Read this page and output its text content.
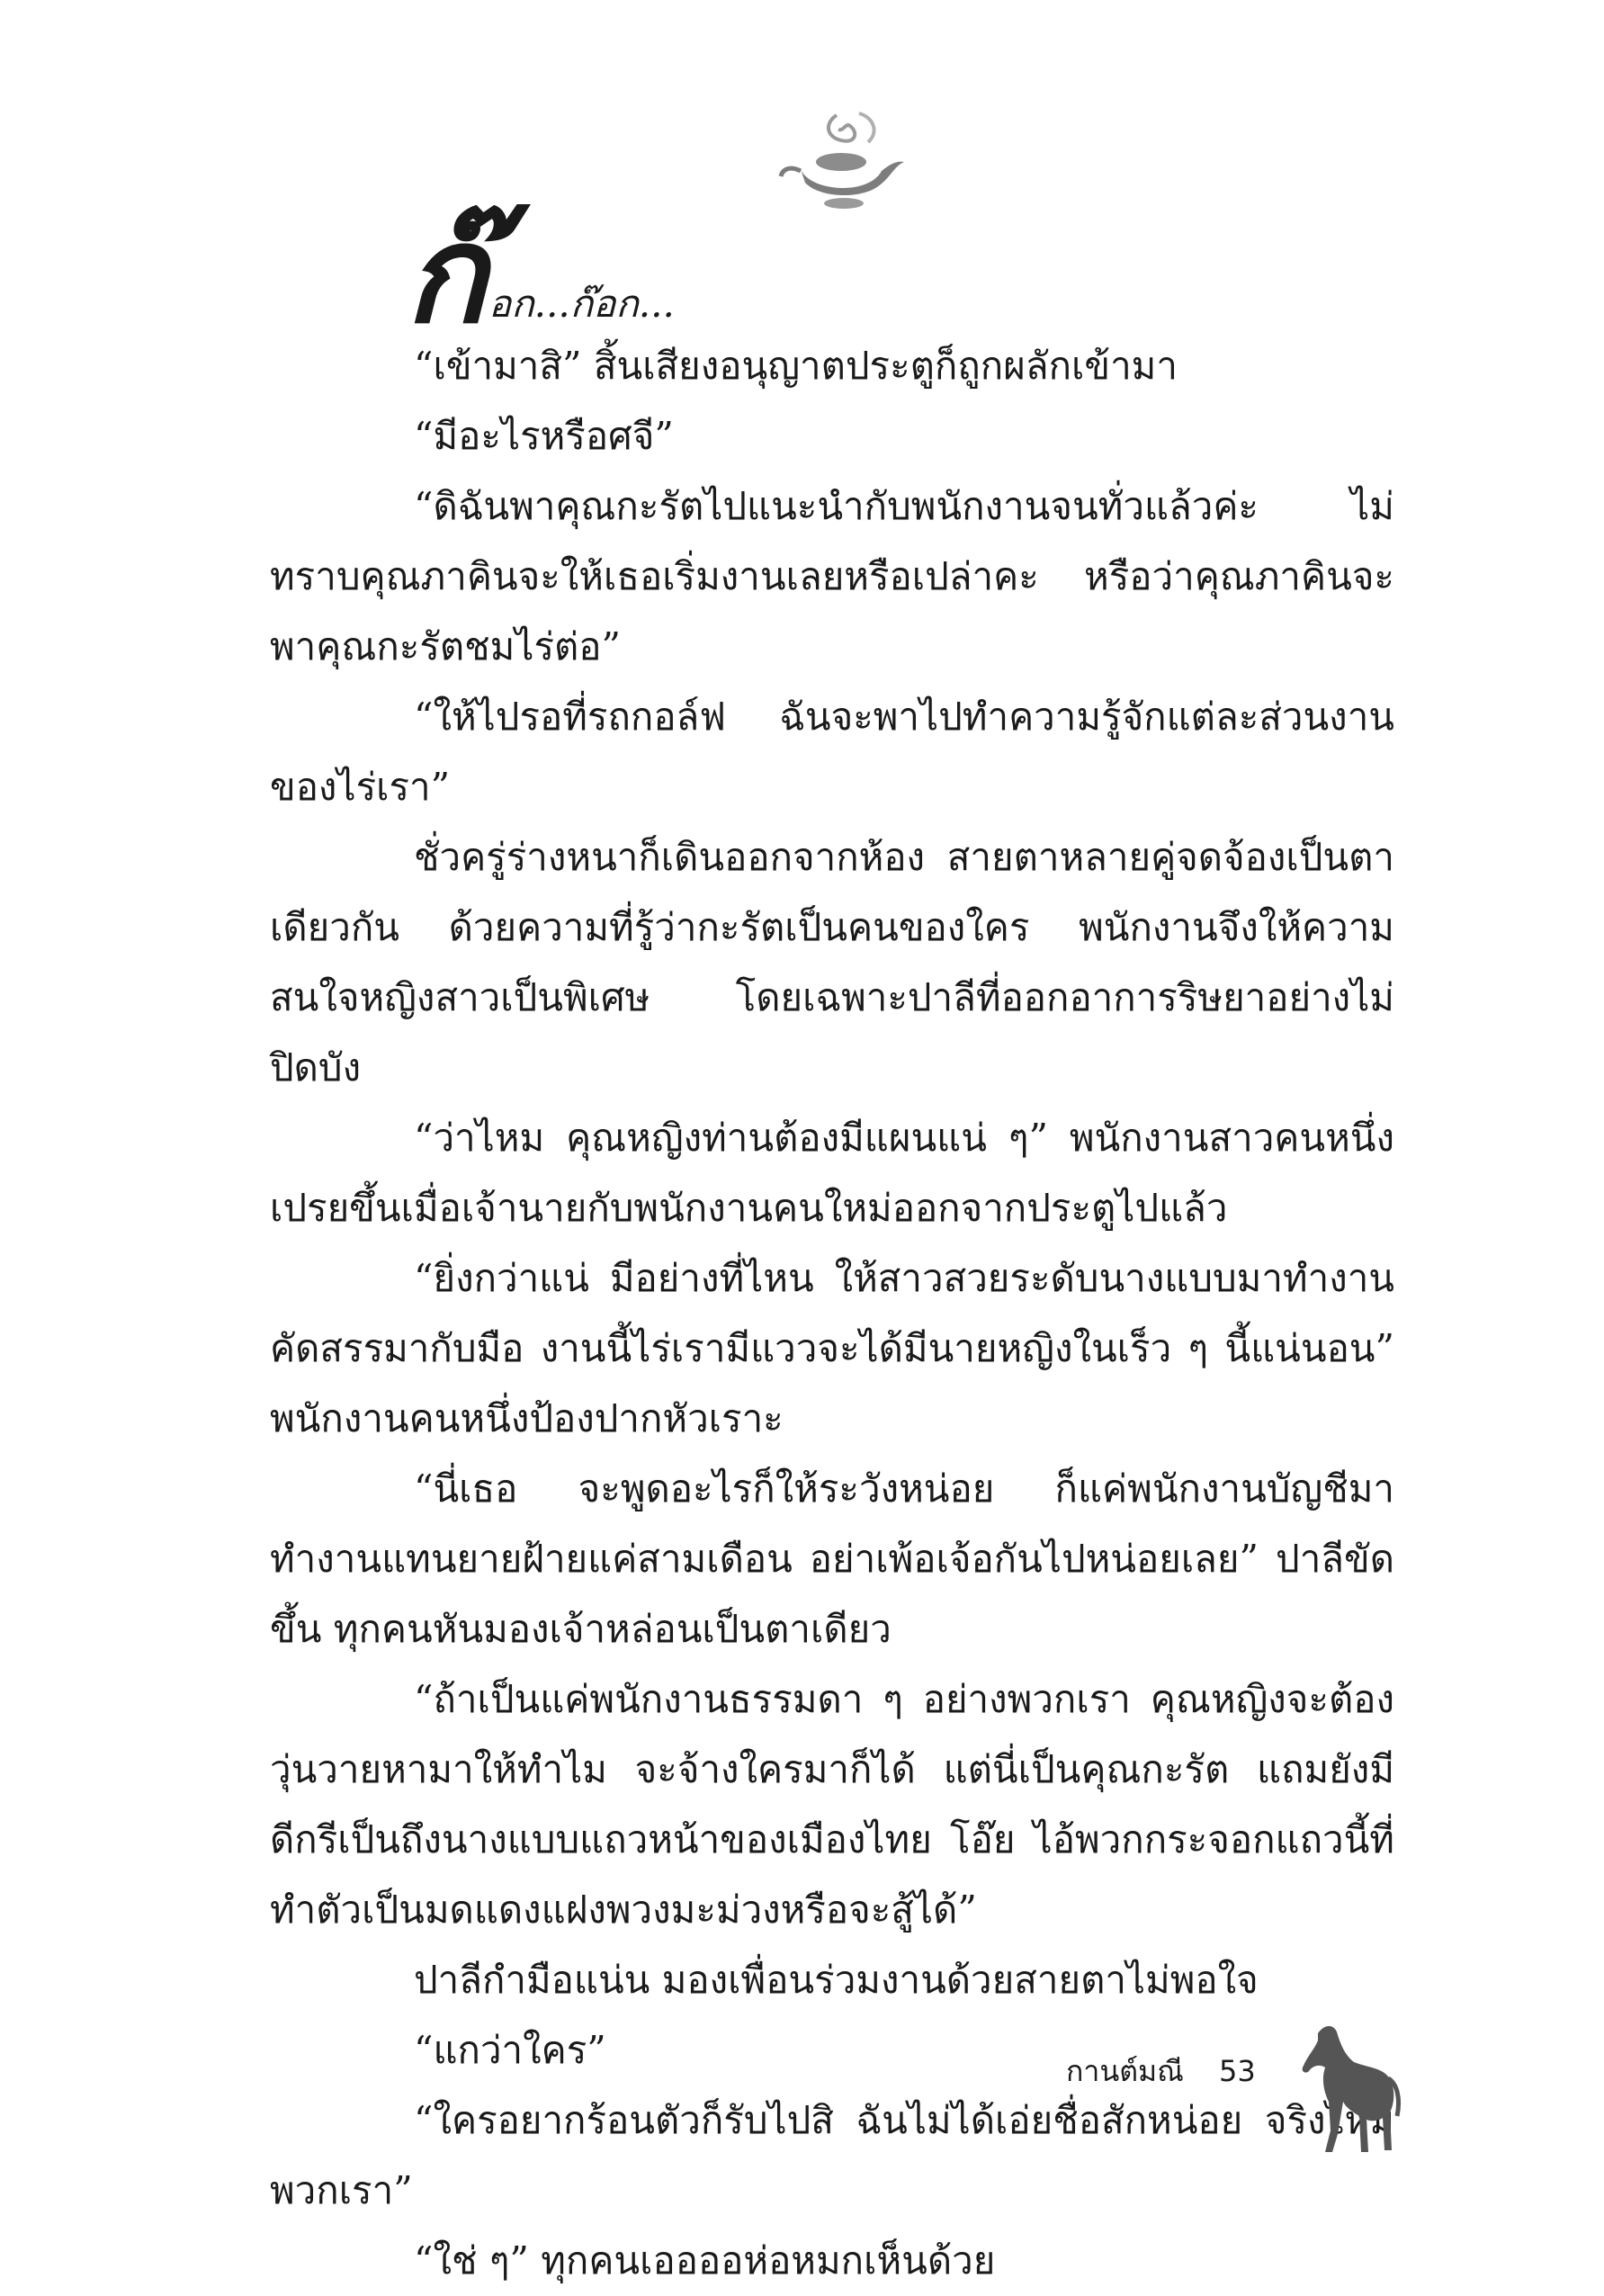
ก๊ อก...ก๊อก...

“เข้ามาสิ” สิ้นเสียงอนุญาตประตูก็ถูกผลักเข้ามา

“มีอะไรหรือศจี”

“ดิฉันพาคุณกะรัตไปแนะนำกับพนักงานจนทั่วแล้วค่ะ ไม่ทราบคุณภาคินจะให้เธอเริ่มงานเลยหรือเปล่าคะ หรือว่าคุณภาคินจะพาคุณกะรัตชมไร่ต่อ”

“ให้ไปรอที่รถกอล์ฟ ฉันจะพาไปทำความรู้จักแต่ละส่วนงานของไร่เรา”

ชั่วครู่ร่างหนาก็เดินออกจากห้อง สายตาหลายคู่จดจ้องเป็นตาเดียวกัน ด้วยความที่รู้ว่ากะรัตเป็นคนของใคร พนักงานจึงให้ความสนใจหญิงสาวเป็นพิเศษ โดยเฉพาะปาลีที่ออกอาการริษยาอย่างไม่ปิดบัง

“ว่าไหม คุณหญิงท่านต้องมีแผนแน่ ๆ” พนักงานสาวคนหนึ่งเปรยขึ้นเมื่อเจ้านายกับพนักงานคนใหม่ออกจากประตูไปแล้ว

“ยิ่งกว่าแน่ มีอย่างที่ไหน ให้สาวสวยระดับนางแบบมาทำงานคัดสรรมากับมือ งานนี้ไร่เรามีแววจะได้มีนายหญิงในเร็ว ๆ นี้แน่นอน” พนักงานคนหนึ่งป้องปากหัวเราะ

“นี่เธอ จะพูดอะไรก็ให้ระวังหน่อย ก็แค่พนักงานบัญชีมาทำงานแทนยายฝ้ายแค่สามเดือน อย่าเพ้อเจ้อกันไปหน่อยเลย” ปาลีขัดขึ้น ทุกคนหันมองเจ้าหล่อนเป็นตาเดียว

“ถ้าเป็นแค่พนักงานธรรมดา ๆ อย่างพวกเรา คุณหญิงจะต้องวุ่นวายหามาให้ทำไม จะจ้างใครมาก็ได้ แต่นี่เป็นคุณกะรัต แถมยังมีดีกรีเป็นถึงนางแบบแถวหน้าของเมืองไทย โอ๊ย ไอ้พวกกระจอกแถวนี้ที่ทำตัวเป็นมดแดงแฝงพวงมะม่วงหรือจะสู้ได้”

ปาลีกำมือแน่น มองเพื่อนร่วมงานด้วยสายตาไม่พอใจ

“แกว่าใคร”

“ใครอยากร้อนตัวก็รับไปสิ ฉันไม่ได้เอ่ยชื่อสักหน่อย จริงไหมพวกเรา”

“ใช่ ๆ” ทุกคนเออออห่อหมกเห็นด้วย

กานต์มณี 53
